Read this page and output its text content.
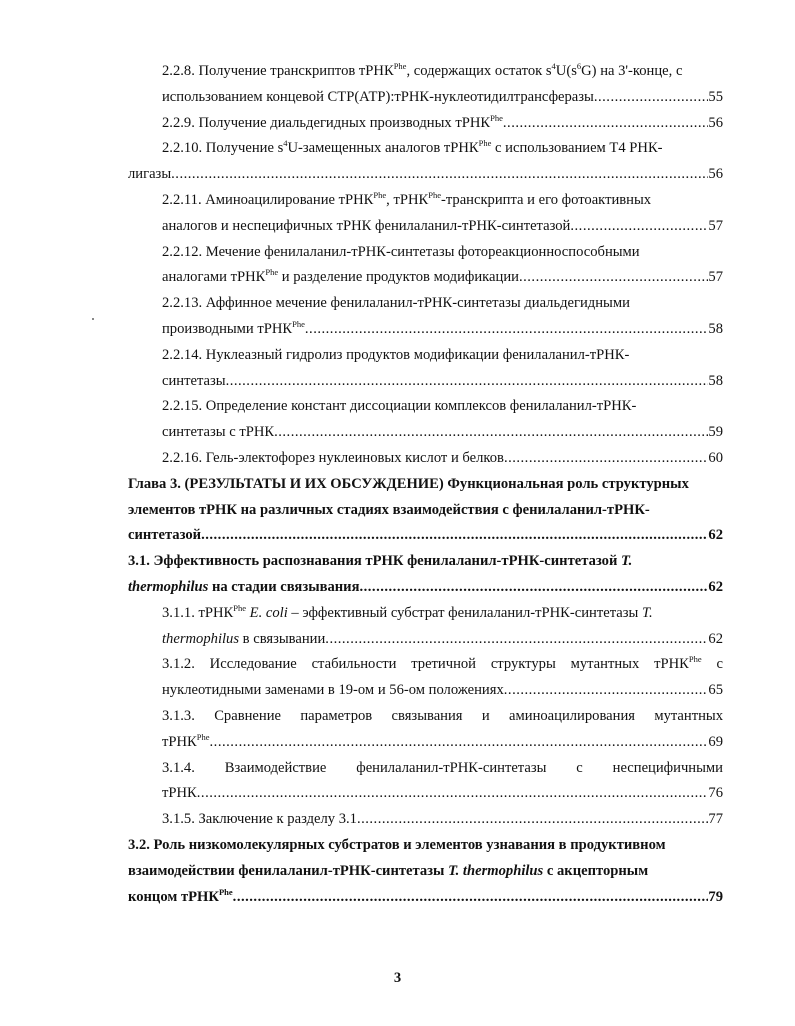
2.2.8. Получение транскриптов тРНК$^{Phe}$, содержащих остаток $s^4U(s^6G)$ на 3'-конце, с
использованием концевой СТР(АТР):тРНК-нуклеотидилтрансферазы .....	55
2.2.9. Получение диальдегидных производных тРНК$^{Phe}$ .....	56
2.2.10. Получение $s^4U$-замещенных аналогов тРНК$^{Phe}$ с использованием Т4 РНК-
лигазы .....	56
2.2.11. Аминоацилирование тРНК$^{Phe}$, тРНК$^{Phe}$-транскрипта и его фотоактивных
аналогов и неспецифичных тРНК фенилаланил-тРНК-синтетазой .....	57
2.2.12. Мечение фенилаланил-тРНК-синтетазы фотореакционноспособными
аналогами тРНК$^{Phe}$ и разделение продуктов модификации .....	57
2.2.13. Аффинное мечение фенилаланил-тРНК-синтетазы диальдегидными
производными тРНК$^{Phe}$ .....	58
2.2.14. Нуклеазный гидролиз продуктов модификации фенилаланил-тРНК-
синтетазы .....	58
2.2.15. Определение констант диссоциации комплексов фенилаланил-тРНК-
синтетазы с тРНК .....	59
2.2.16. Гель-электофорез нуклеиновых кислот и белков .....	60
Глава 3. (РЕЗУЛЬТАТЫ И ИХ ОБСУЖДЕНИЕ) Функциональная роль структурных
элементов тРНК на различных стадиях взаимодействия с фенилаланил-тРНК-
синтетазой .....	62
3.1. Эффективность распознавания тРНК фенилаланил-тРНК-синтетазой T.
thermophilus на стадии связывания .....	62
3.1.1. тРНК$^{Phe}$ E. coli – эффективный субстрат фенилаланил-тРНК-синтетазы T.
thermophilus в связывании .....	62
3.1.2. Исследование стабильности третичной структуры мутантных тРНК$^{Phe}$ с
нуклеотидными заменами в 19-ом и 56-ом положениях .....	65
3.1.3. Сравнение параметров связывания и аминоацилирования мутантных
тРНК$^{Phe}$ .....	69
3.1.4. Взаимодействие фенилаланил-тРНК-синтетазы с неспецифичными
тРНК .....	76
3.1.5. Заключение к разделу 3.1 .....	77
3.2. Роль низкомолекулярных субстратов и элементов узнавания в продуктивном
взаимодействии фенилаланил-тРНК-синтетазы T. thermophilus с акцепторным
концом тРНК$^{Phe}$ .....	79
3
